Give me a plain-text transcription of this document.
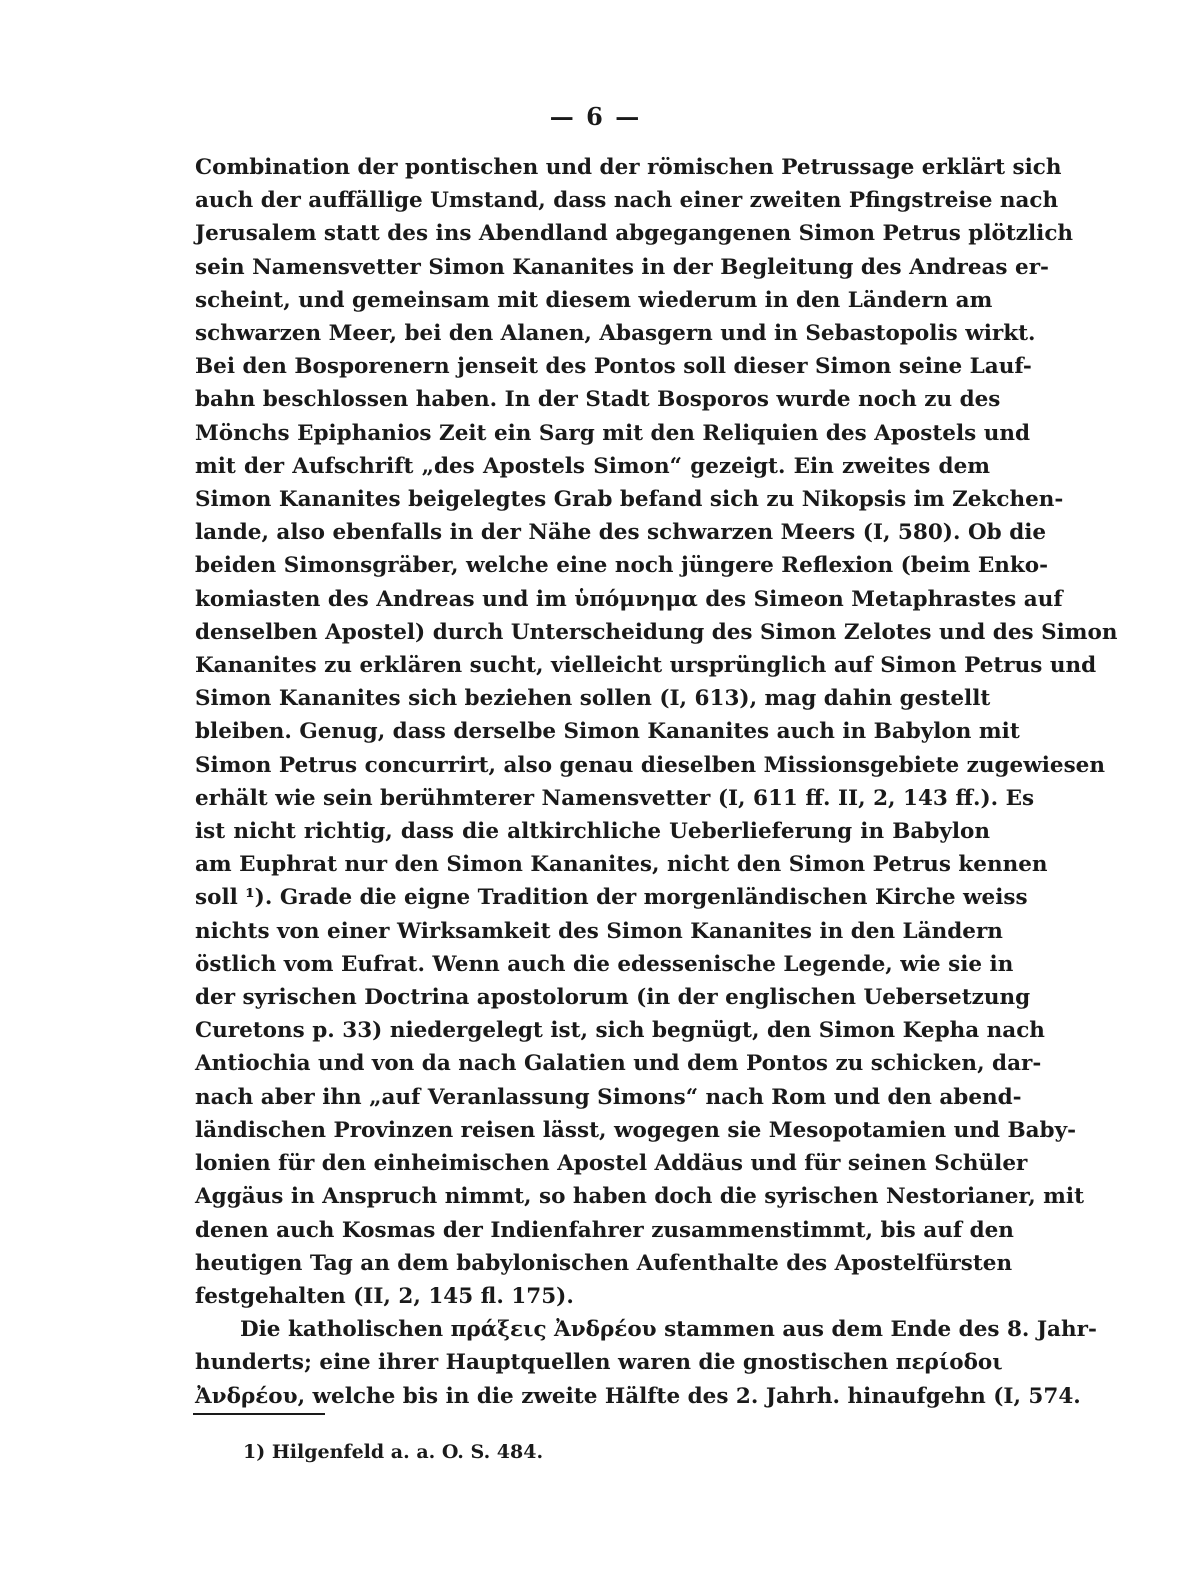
— 6 —
Combination der pontischen und der römischen Petrussage erklärt sich
auch der auffällige Umstand, dass nach einer zweiten Pfingstreise nach
Jerusalem statt des ins Abendland abgegangenen Simon Petrus plötzlich
sein Namensvetter Simon Kananites in der Begleitung des Andreas er-
scheint, und gemeinsam mit diesem wiederum in den Ländern am
schwarzen Meer, bei den Alanen, Abasgern und in Sebastopolis wirkt.
Bei den Bosporenern jenseit des Pontos soll dieser Simon seine Lauf-
bahn beschlossen haben. In der Stadt Bosporos wurde noch zu des
Mönchs Epiphanios Zeit ein Sarg mit den Reliquien des Apostels und
mit der Aufschrift „des Apostels Simon“ gezeigt. Ein zweites dem
Simon Kananites beigelegtes Grab befand sich zu Nikopsis im Zekchen-
lande, also ebenfalls in der Nähe des schwarzen Meers (I, 580). Ob die
beiden Simonsgräber, welche eine noch jüngere Reflexion (beim Enko-
komiasten des Andreas und im ὑπόμνημα des Simeon Metaphrastes auf
denselben Apostel) durch Unterscheidung des Simon Zelotes und des Simon
Kananites zu erklären sucht, vielleicht ursprünglich auf Simon Petrus und
Simon Kananites sich beziehen sollen (I, 613), mag dahin gestellt
bleiben. Genug, dass derselbe Simon Kananites auch in Babylon mit
Simon Petrus concurrirt, also genau dieselben Missionsgebiete zugewiesen
erhält wie sein berühmterer Namensvetter (I, 611 ff. II, 2, 143 ff.). Es
ist nicht richtig, dass die altkirchliche Ueberlieferung in Babylon
am Euphrat nur den Simon Kananites, nicht den Simon Petrus kennen
soll ¹). Grade die eigne Tradition der morgenländischen Kirche weiss
nichts von einer Wirksamkeit des Simon Kananites in den Ländern
östlich vom Eufrat. Wenn auch die edessenische Legende, wie sie in
der syrischen Doctrina apostolorum (in der englischen Uebersetzung
Curetons p. 33) niedergelegt ist, sich begnügt, den Simon Kepha nach
Antiochia und von da nach Galatien und dem Pontos zu schicken, dar-
nach aber ihn „auf Veranlassung Simons“ nach Rom und den abend-
ländischen Provinzen reisen lässt, wogegen sie Mesopotamien und Baby-
lonien für den einheimischen Apostel Addäus und für seinen Schüler
Aggäus in Anspruch nimmt, so haben doch die syrischen Nestorianer, mit
denen auch Kosmas der Indienfahrer zusammenstimmt, bis auf den
heutigen Tag an dem babylonischen Aufenthalte des Apostelfürsten
festgehalten (II, 2, 145 fl. 175).
Die katholischen πράξεις Ἀνδρέου stammen aus dem Ende des 8. Jahr-
hunderts; eine ihrer Hauptquellen waren die gnostischen περίοδοι
Ἀνδρέου, welche bis in die zweite Hälfte des 2. Jahrh. hinaufgehn (I, 574.
1) Hilgenfeld a. a. O. S. 484.
